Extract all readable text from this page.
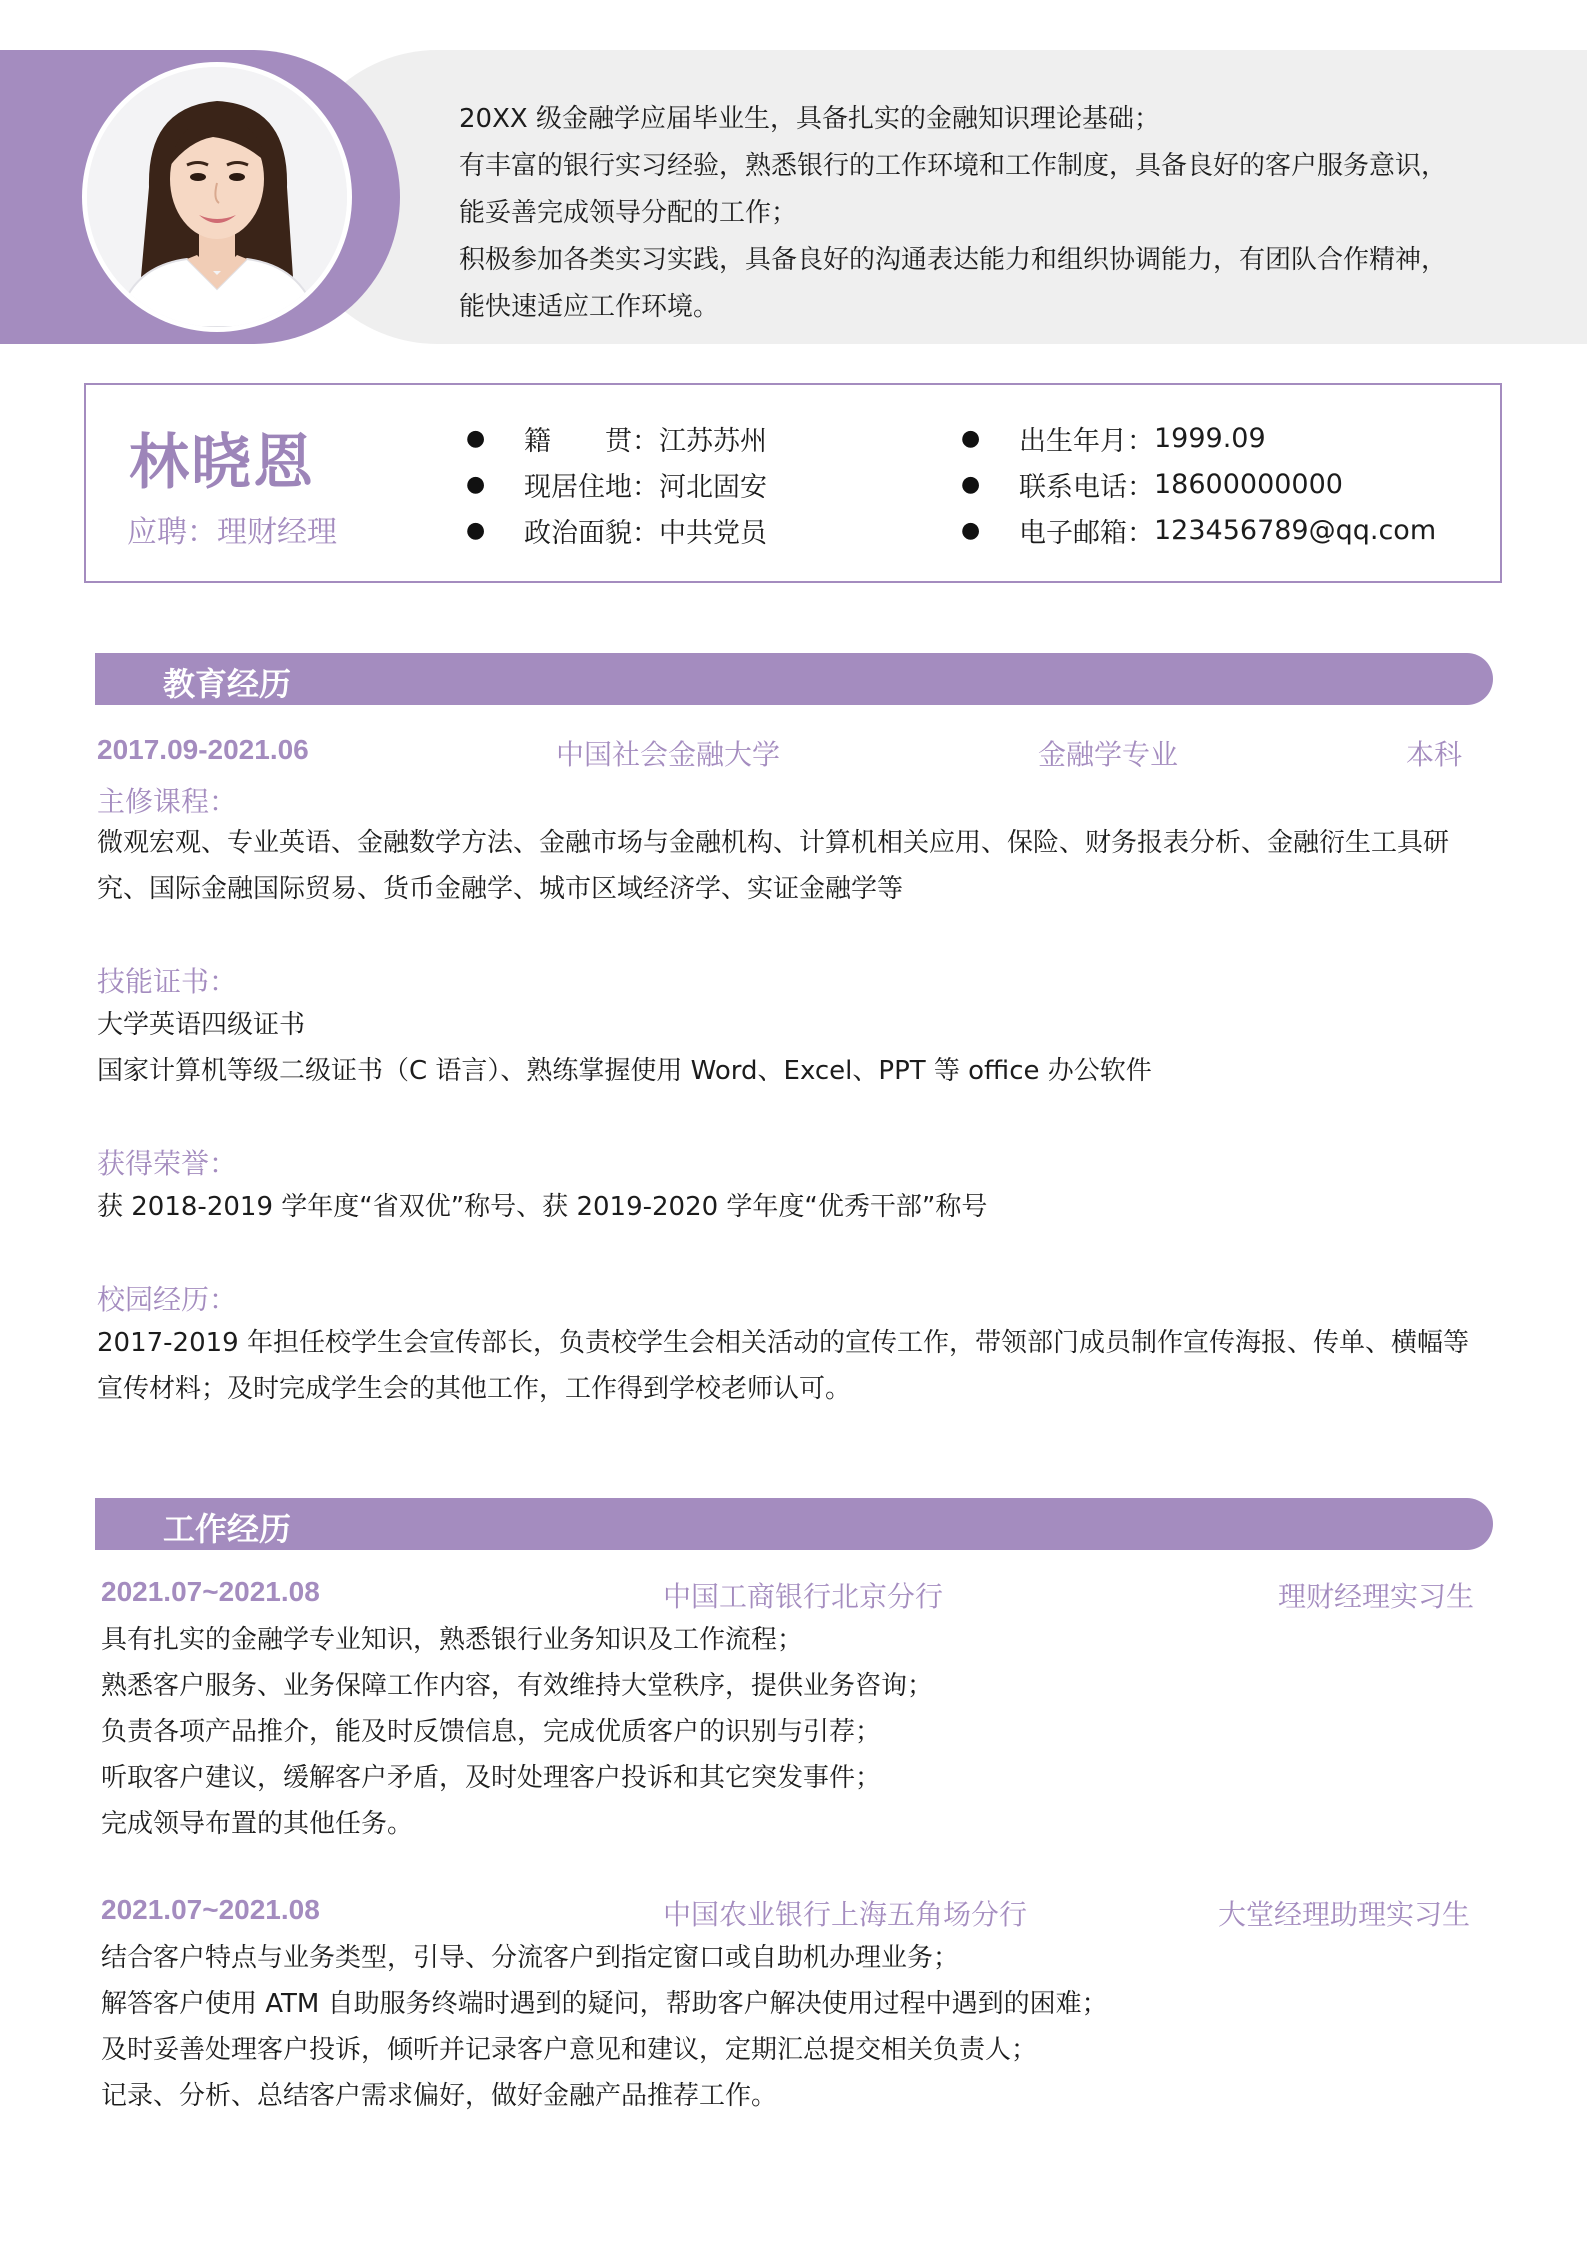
20XX 级金融学应届毕业生，具备扎实的金融知识理论基础；

有丰富的银行实习经验，熟悉银行的工作环境和工作制度，具备良好的客户服务意识，

能妥善完成领导分配的工作；

积极参加各类实习实践，具备良好的沟通表达能力和组织协调能力，有团队合作精神，

能快速适应工作环境。

林晓恩
应聘：理财经理
●	籍　　贯： 江苏苏州
●	现居住地： 河北固安
●	政治面貌： 中共党员
●	出生年月： 1999.09
●	联系电话： 18600000000
●	电子邮箱： 123456789@qq.com
教育经历
2017.09-2021.06	中国社会金融大学	金融学专业	本科
主修课程：
微观宏观、专业英语、金融数学方法、金融市场与金融机构、计算机相关应用、保险、财务报表分析、金融衍生工具研
究、国际金融国际贸易、货币金融学、城市区域经济学、实证金融学等
技能证书：
大学英语四级证书
国家计算机等级二级证书（C 语言）、熟练掌握使用 Word、Excel、PPT 等 office 办公软件
获得荣誉：
获 2018-2019 学年度“省双优”称号、获 2019-2020 学年度“优秀干部”称号
校园经历：
2017-2019 年担任校学生会宣传部长，负责校学生会相关活动的宣传工作，带领部门成员制作宣传海报、传单、横幅等
宣传材料；及时完成学生会的其他工作，工作得到学校老师认可。
工作经历
2021.07~2021.08	中国工商银行北京分行	理财经理实习生
具有扎实的金融学专业知识，熟悉银行业务知识及工作流程；
熟悉客户服务、业务保障工作内容，有效维持大堂秩序，提供业务咨询；
负责各项产品推介，能及时反馈信息，完成优质客户的识别与引荐；
听取客户建议，缓解客户矛盾，及时处理客户投诉和其它突发事件；
完成领导布置的其他任务。
2021.07~2021.08	中国农业银行上海五角场分行	大堂经理助理实习生
结合客户特点与业务类型，引导、分流客户到指定窗口或自助机办理业务；
解答客户使用 ATM 自助服务终端时遇到的疑问，帮助客户解决使用过程中遇到的困难；
及时妥善处理客户投诉，倾听并记录客户意见和建议，定期汇总提交相关负责人；
记录、分析、总结客户需求偏好，做好金融产品推荐工作。
